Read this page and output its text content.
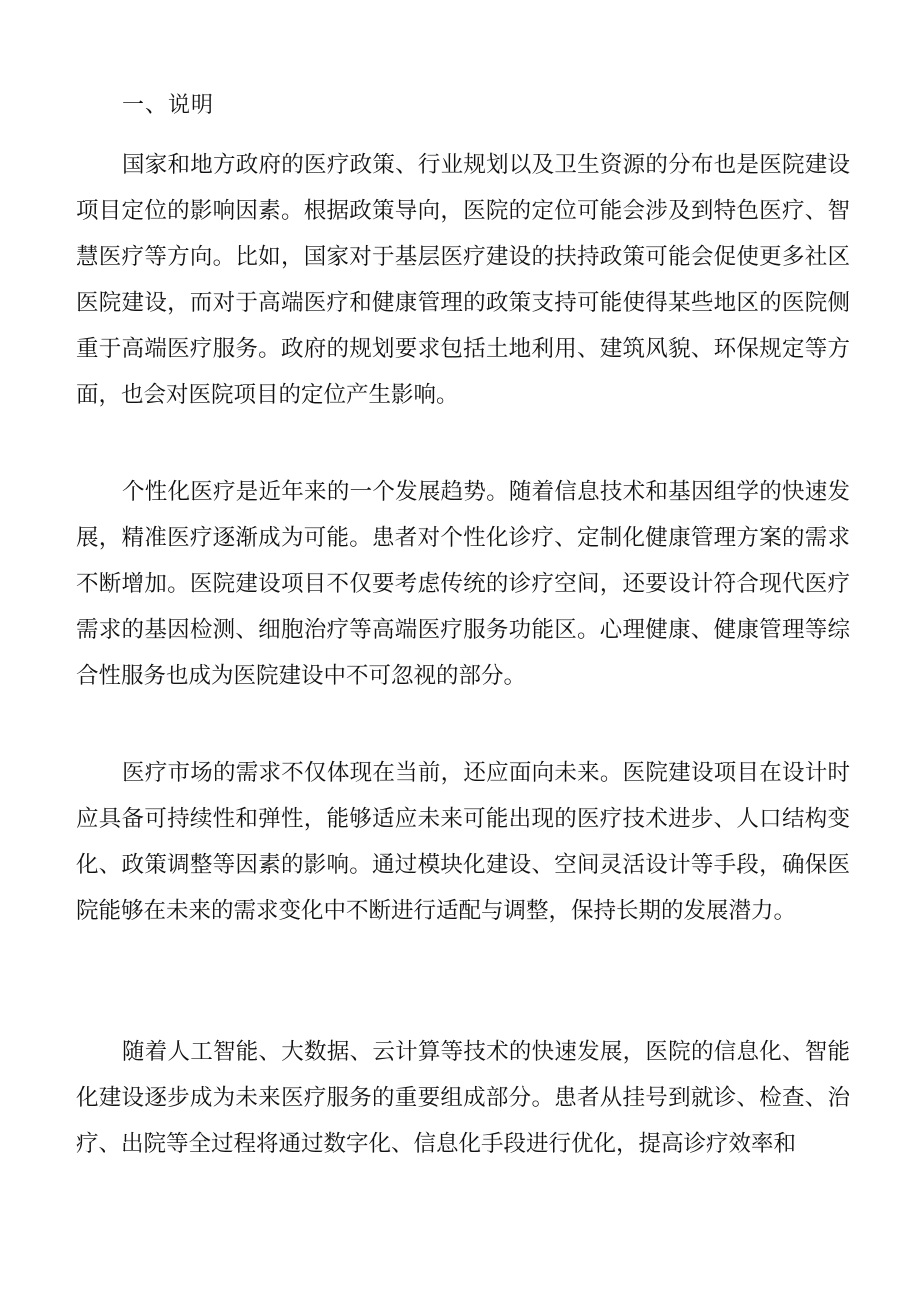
一、说明

国家和地方政府的医疗政策、行业规划以及卫生资源的分布也是医院建设项目定位的影响因素。根据政策导向，医院的定位可能会涉及到特色医疗、智慧医疗等方向。比如，国家对于基层医疗建设的扶持政策可能会促使更多社区医院建设，而对于高端医疗和健康管理的政策支持可能使得某些地区的医院侧重于高端医疗服务。政府的规划要求包括土地利用、建筑风貌、环保规定等方面，也会对医院项目的定位产生影响。

个性化医疗是近年来的一个发展趋势。随着信息技术和基因组学的快速发展，精准医疗逐渐成为可能。患者对个性化诊疗、定制化健康管理方案的需求不断增加。医院建设项目不仅要考虑传统的诊疗空间，还要设计符合现代医疗需求的基因检测、细胞治疗等高端医疗服务功能区。心理健康、健康管理等综合性服务也成为医院建设中不可忽视的部分。

医疗市场的需求不仅体现在当前，还应面向未来。医院建设项目在设计时应具备可持续性和弹性，能够适应未来可能出现的医疗技术进步、人口结构变化、政策调整等因素的影响。通过模块化建设、空间灵活设计等手段，确保医院能够在未来的需求变化中不断进行适配与调整，保持长期的发展潜力。

随着人工智能、大数据、云计算等技术的快速发展，医院的信息化、智能化建设逐步成为未来医疗服务的重要组成部分。患者从挂号到就诊、检查、治疗、出院等全过程将通过数字化、信息化手段进行优化，提高诊疗效率和
